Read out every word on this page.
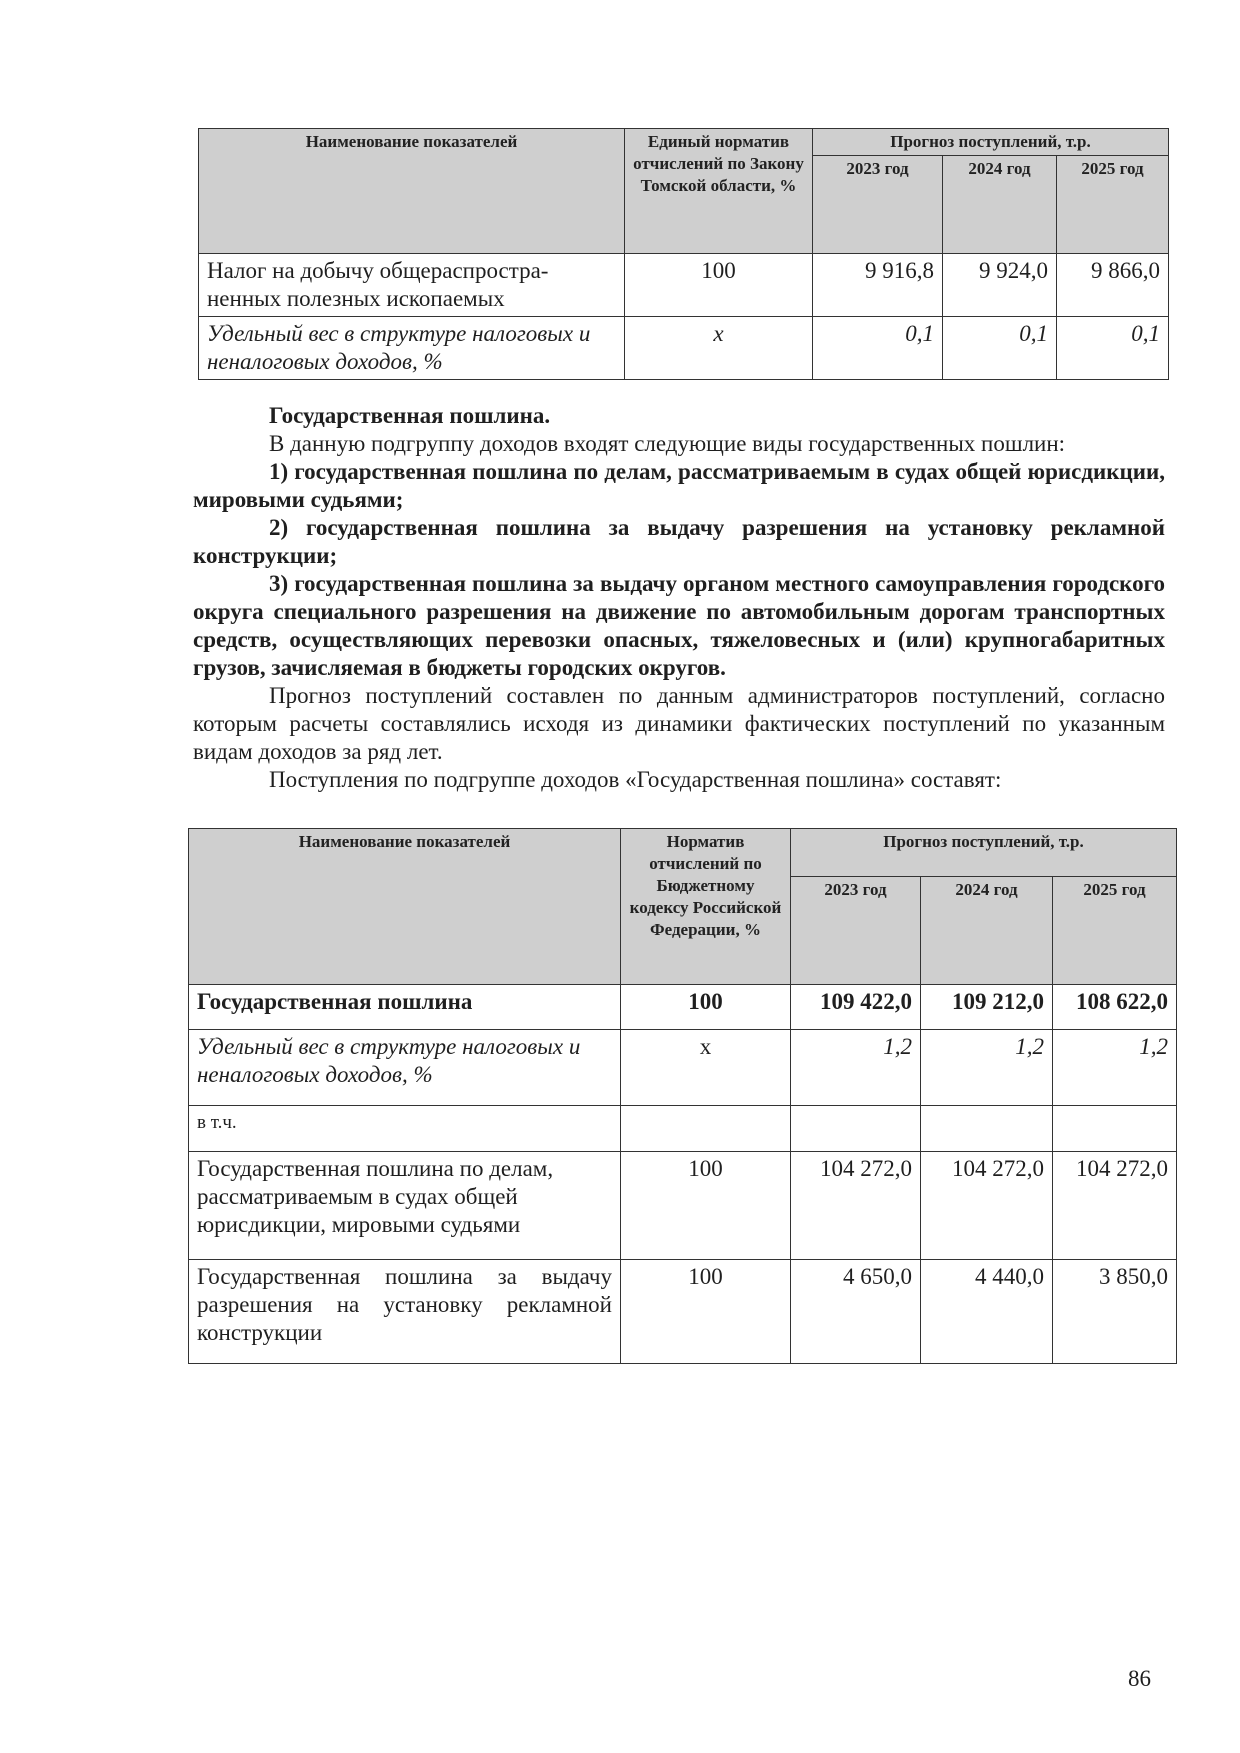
Наименование показателей	Единый норматив отчислений по Закону Томской области, %	Прогноз поступлений, т.р.		
		2023 год	2024 год	2025 год
Налог на добычу общераспростра-ненных полезных ископаемых	100	9 916,8	9 924,0	9 866,0
Удельный вес в структуре налоговых и неналоговых доходов, %	х	0,1	0,1	0,1
Государственная пошлина.
В данную подгруппу доходов входят следующие виды государственных пошлин:
1) государственная пошлина по делам, рассматриваемым в судах общей юрисдикции, мировыми судьями;
2) государственная пошлина за выдачу разрешения на установку рекламной конструкции;
3) государственная пошлина за выдачу органом местного самоуправления городского округа специального разрешения на движение по автомобильным дорогам транспортных средств, осуществляющих перевозки опасных, тяжеловесных и (или) крупногабаритных грузов, зачисляемая в бюджеты городских округов.
Прогноз поступлений составлен по данным администраторов поступлений, согласно которым расчеты составлялись исходя из динамики фактических поступлений по указанным видам доходов за ряд лет.
Поступления по подгруппе доходов «Государственная пошлина» составят:
Наименование показателей	Норматив отчислений по Бюджетному кодексу Российской Федерации, %	Прогноз поступлений, т.р.		
		2023 год	2024 год	2025 год
Государственная пошлина	100	109 422,0	109 212,0	108 622,0
Удельный вес в структуре налоговых и неналоговых доходов, %	х	1,2	1,2	1,2
в т.ч.				
Государственная пошлина по делам, рассматриваемым в судах общей юрисдикции, мировыми судьями	100	104 272,0	104 272,0	104 272,0
Государственная пошлина за выдачу разрешения на установку рекламной конструкции	100	4 650,0	4 440,0	3 850,0
86
